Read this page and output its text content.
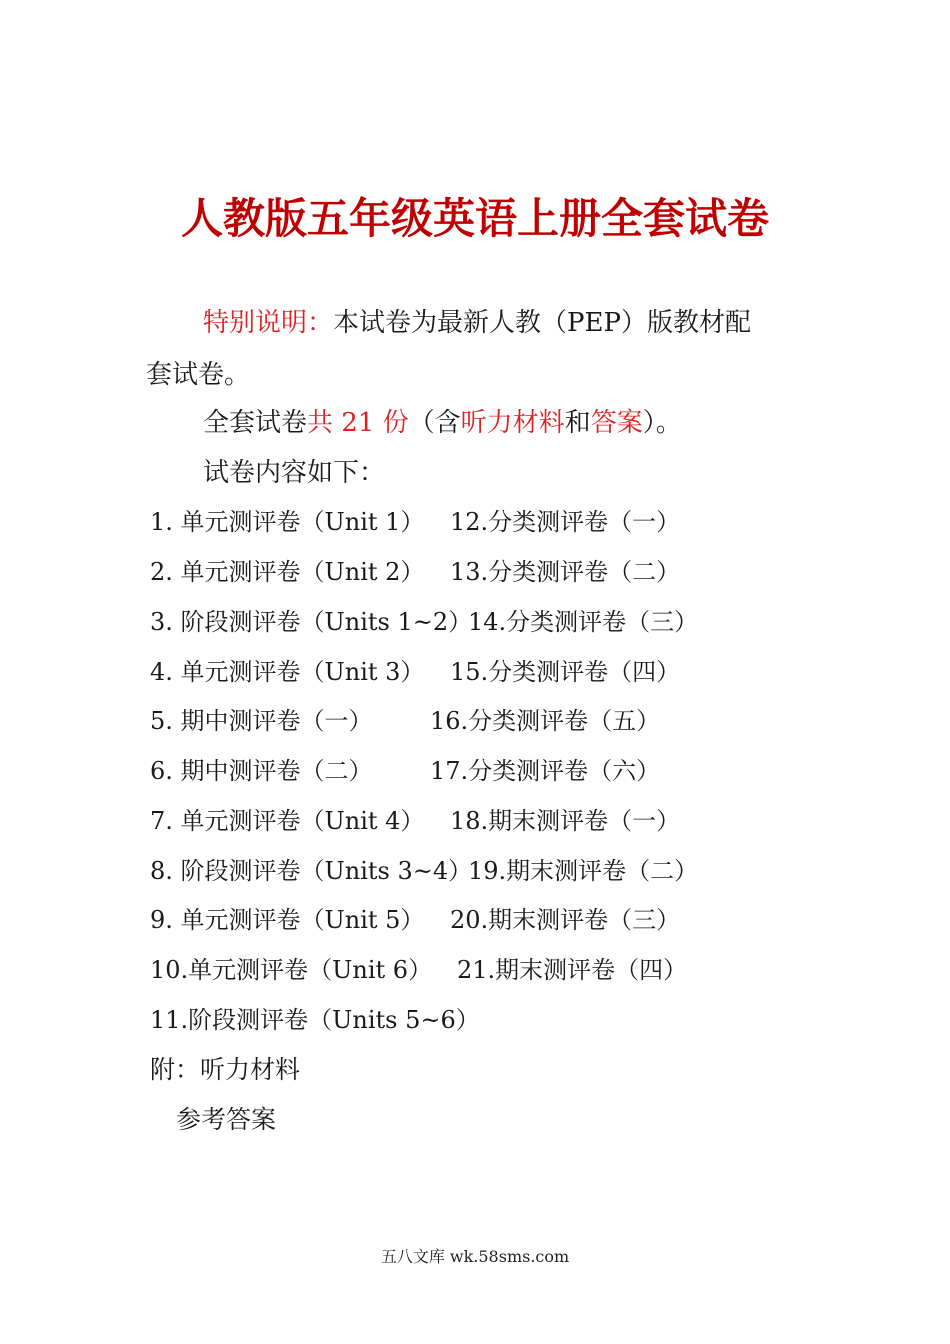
人教版五年级英语上册全套试卷
特别说明：本试卷为最新人教（PEP）版教材配
套试卷。
全套试卷共 21 份（含听力材料和答案）。
试卷内容如下：
1. 单元测评卷（Unit 1） 12.分类测评卷（一）
2. 单元测评卷（Unit 2） 13.分类测评卷（二）
3. 阶段测评卷（Units 1~2）
14.分类测评卷（三）
4. 单元测评卷（Unit 3） 15.分类测评卷（四）
5. 期中测评卷（一） 16.分类测评卷（五）
6. 期中测评卷（二） 17.分类测评卷（六）
7. 单元测评卷（Unit 4） 18.期末测评卷（一）
8. 阶段测评卷（Units 3~4）
19.期末测评卷（二）
9. 单元测评卷（Unit 5） 20.期末测评卷（三）
10.单元测评卷（Unit 6） 21.期末测评卷（四）
11.阶段测评卷（Units 5~6）
附：听力材料
参考答案
五八文库 wk.58sms.com
